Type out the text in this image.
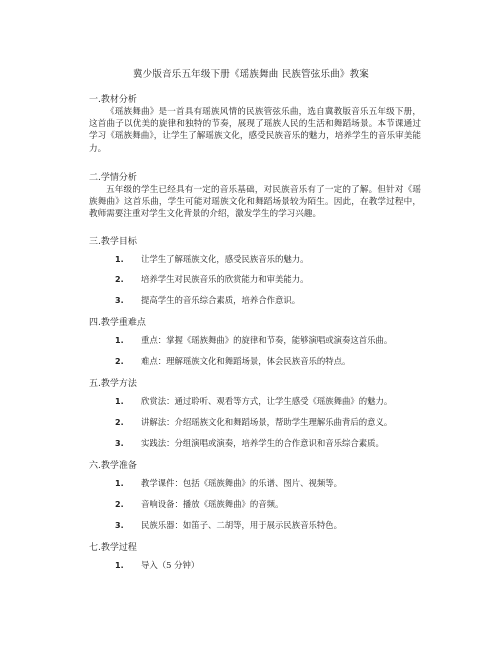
冀少版音乐五年级下册《瑶族舞曲 民族管弦乐曲》教案
一.教材分析

《瑶族舞曲》是一首具有瑶族风情的民族管弦乐曲，选自冀教版音乐五年级下册，这首曲子以优美的旋律和独特的节奏，展现了瑶族人民的生活和舞蹈场景。本节课通过学习《瑶族舞曲》，让学生了解瑶族文化，感受民族音乐的魅力，培养学生的音乐审美能力。

二.学情分析

五年级的学生已经具有一定的音乐基础，对民族音乐有了一定的了解。但针对《瑶族舞曲》这首乐曲，学生可能对瑶族文化和舞蹈场景较为陌生。因此，在教学过程中，教师需要注重对学生文化背景的介绍，激发学生的学习兴趣。

三.教学目标
1. 让学生了解瑶族文化，感受民族音乐的魅力。
2. 培养学生对民族音乐的欣赏能力和审美能力。
3. 提高学生的音乐综合素质，培养合作意识。
四.教学重难点
1. 重点：掌握《瑶族舞曲》的旋律和节奏，能够演唱或演奏这首乐曲。
2. 难点：理解瑶族文化和舞蹈场景，体会民族音乐的特点。
五.教学方法
1. 欣赏法：通过聆听、观看等方式，让学生感受《瑶族舞曲》的魅力。
2. 讲解法：介绍瑶族文化和舞蹈场景，帮助学生理解乐曲背后的意义。
3. 实践法：分组演唱或演奏，培养学生的合作意识和音乐综合素质。
六.教学准备
1. 教学课件：包括《瑶族舞曲》的乐谱、图片、视频等。
2. 音响设备：播放《瑶族舞曲》的音频。
3. 民族乐器：如笛子、二胡等，用于展示民族音乐特色。
七.教学过程
1. 导入（5 分钟）
